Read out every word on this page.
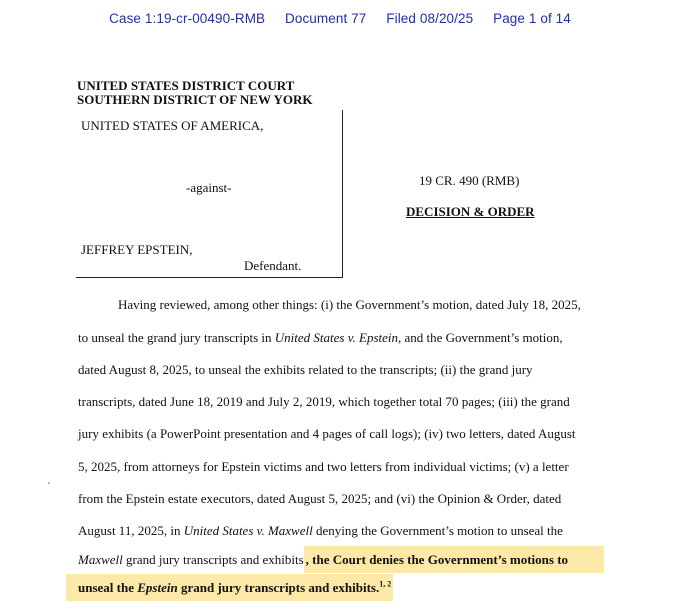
Case 1:19-cr-00490-RMB Document 77 Filed 08/20/25 Page 1 of 14
UNITED STATES DISTRICT COURT
SOUTHERN DISTRICT OF NEW YORK
UNITED STATES OF AMERICA,
-against-
JEFFREY EPSTEIN,
Defendant.
19 CR. 490 (RMB)
DECISION & ORDER
Having reviewed, among other things: (i) the Government’s motion, dated July 18, 2025,
to unseal the grand jury transcripts in United States v. Epstein, and the Government’s motion,
dated August 8, 2025, to unseal the exhibits related to the transcripts; (ii) the grand jury
transcripts, dated June 18, 2019 and July 2, 2019, which together total 70 pages; (iii) the grand
jury exhibits (a PowerPoint presentation and 4 pages of call logs); (iv) two letters, dated August
5, 2025, from attorneys for Epstein victims and two letters from individual victims; (v) a letter
from the Epstein estate executors, dated August 5, 2025; and (vi) the Opinion & Order, dated
August 11, 2025, in United States v. Maxwell denying the Government’s motion to unseal the
Maxwell grand jury transcripts and exhibits , the Court denies the Government’s motions to
unseal the Epstein grand jury transcripts and exhibits.$^{1, 2}$
